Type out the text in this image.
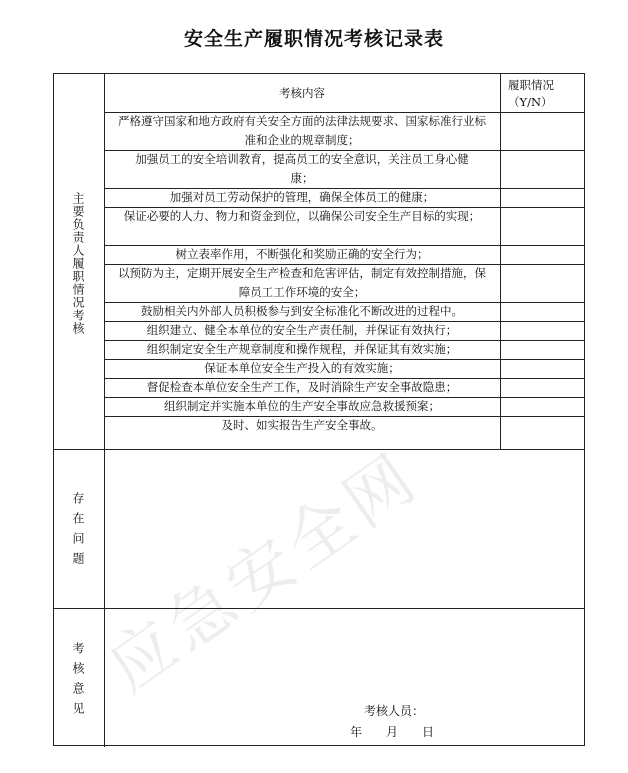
安全生产履职情况考核记录表
考核内容
履职情况（Y/N）
主要负责人履职情况考核
存在问题
考核意见
严格遵守国家和地方政府有关安全方面的法律法规要求、国家标准行业标准和企业的规章制度；
加强员工的安全培训教育，提高员工的安全意识，关注员工身心健康；
加强对员工劳动保护的管理，确保全体员工的健康；
保证必要的人力、物力和资金到位，以确保公司安全生产目标的实现；
树立表率作用，不断强化和奖励正确的安全行为；
以预防为主，定期开展安全生产检查和危害评估，制定有效控制措施，保障员工工作环境的安全；
鼓励相关内外部人员积极参与到安全标准化不断改进的过程中。
组织建立、健全本单位的安全生产责任制，并保证有效执行；
组织制定安全生产规章制度和操作规程，并保证其有效实施；
保证本单位安全生产投入的有效实施；
督促检查本单位安全生产工作，及时消除生产安全事故隐患；
组织制定并实施本单位的生产安全事故应急救援预案；
及时、如实报告生产安全事故。
考核人员：
年　　月　　日
应急安全网
